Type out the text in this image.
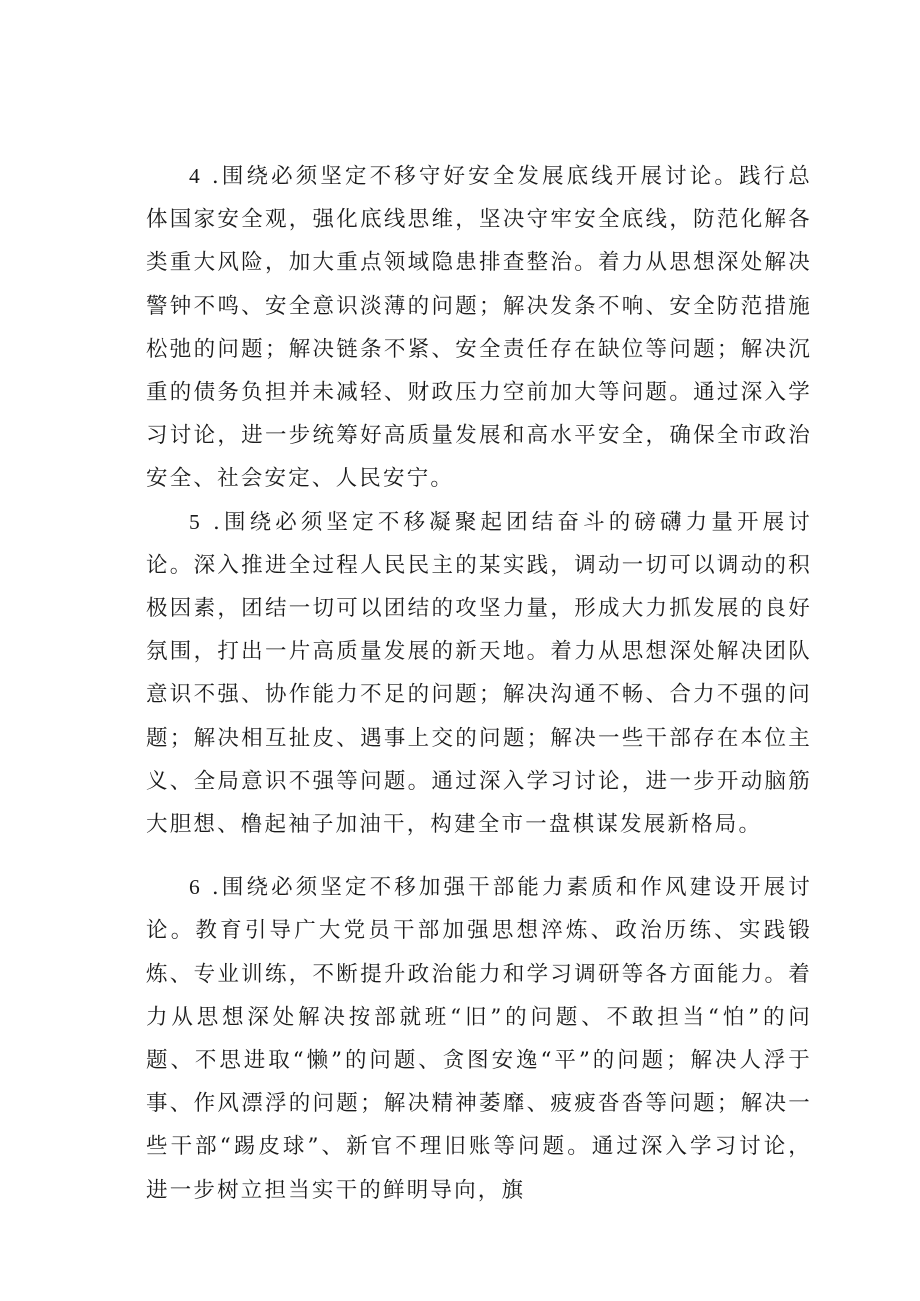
4 .围绕必须坚定不移守好安全发展底线开展讨论。践行总体国家安全观，强化底线思维，坚决守牢安全底线，防范化解各类重大风险，加大重点领域隐患排查整治。着力从思想深处解决警钟不鸣、安全意识淡薄的问题；解决发条不响、安全防范措施松弛的问题；解决链条不紧、安全责任存在缺位等问题；解决沉重的债务负担并未减轻、财政压力空前加大等问题。通过深入学习讨论，进一步统筹好高质量发展和高水平安全，确保全市政治安全、社会安定、人民安宁。

5 .围绕必须坚定不移凝聚起团结奋斗的磅礴力量开展讨论。深入推进全过程人民民主的某实践，调动一切可以调动的积极因素，团结一切可以团结的攻坚力量，形成大力抓发展的良好氛围，打出一片高质量发展的新天地。着力从思想深处解决团队意识不强、协作能力不足的问题；解决沟通不畅、合力不强的问题；解决相互扯皮、遇事上交的问题；解决一些干部存在本位主义、全局意识不强等问题。通过深入学习讨论，进一步开动脑筋大胆想、橹起袖子加油干，构建全市一盘棋谋发展新格局。

6 .围绕必须坚定不移加强干部能力素质和作风建设开展讨论。教育引导广大党员干部加强思想淬炼、政治历练、实践锻炼、专业训练，不断提升政治能力和学习调研等各方面能力。着力从思想深处解决按部就班“旧”的问题、不敢担当“怕”的问题、不思进取“懒”的问题、贪图安逸“平”的问题；解决人浮于事、作风漂浮的问题；解决精神萎靡、疲疲沓沓等问题；解决一些干部“踢皮球”、新官不理旧账等问题。通过深入学习讨论，进一步树立担当实干的鲜明导向，旗
